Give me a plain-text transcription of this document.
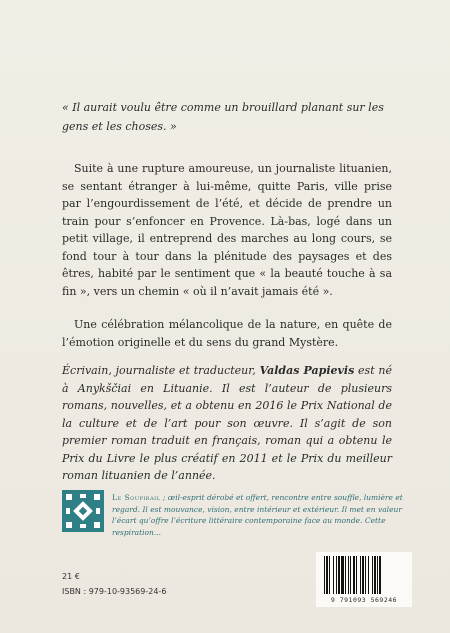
« Il aurait voulu être comme un brouillard planant sur les gens et les choses. »

Suite à une rupture amoureuse, un journaliste lituanien, se sentant étranger à lui-même, quitte Paris, ville prise par l’engourdissement de l’été, et décide de prendre un train pour s’enfoncer en Provence. Là-bas, logé dans un petit village, il entreprend des marches au long cours, se fond tour à tour dans la plénitude des paysages et des êtres, habité par le sentiment que « la beauté touche à sa fin », vers un chemin « où il n’avait jamais été ».

Une célébration mélancolique de la nature, en quête de l’émotion originelle et du sens du grand Mystère.

Écrivain, journaliste et traducteur, Valdas Papievis est né à Anykščiai en Lituanie. Il est l’auteur de plusieurs romans, nouvelles, et a obtenu en 2016 le Prix National de la culture et de l’art pour son œuvre. Il s’agit de son premier roman traduit en français, roman qui a obtenu le Prix du Livre le plus créatif en 2011 et le Prix du meilleur roman lituanien de l’année.
Le Soupirail ; œil-esprit dérobé et offert, rencontre entre souffle, lumière et regard. Il est mouvance, vision, entre intérieur et extérieur. Il met en valeur l’écart qu’offre l’écriture littéraire contemporaine face au monde. Cette respiration...
21 €
ISBN : 979-10-93569-24-6
9 791093 569246
